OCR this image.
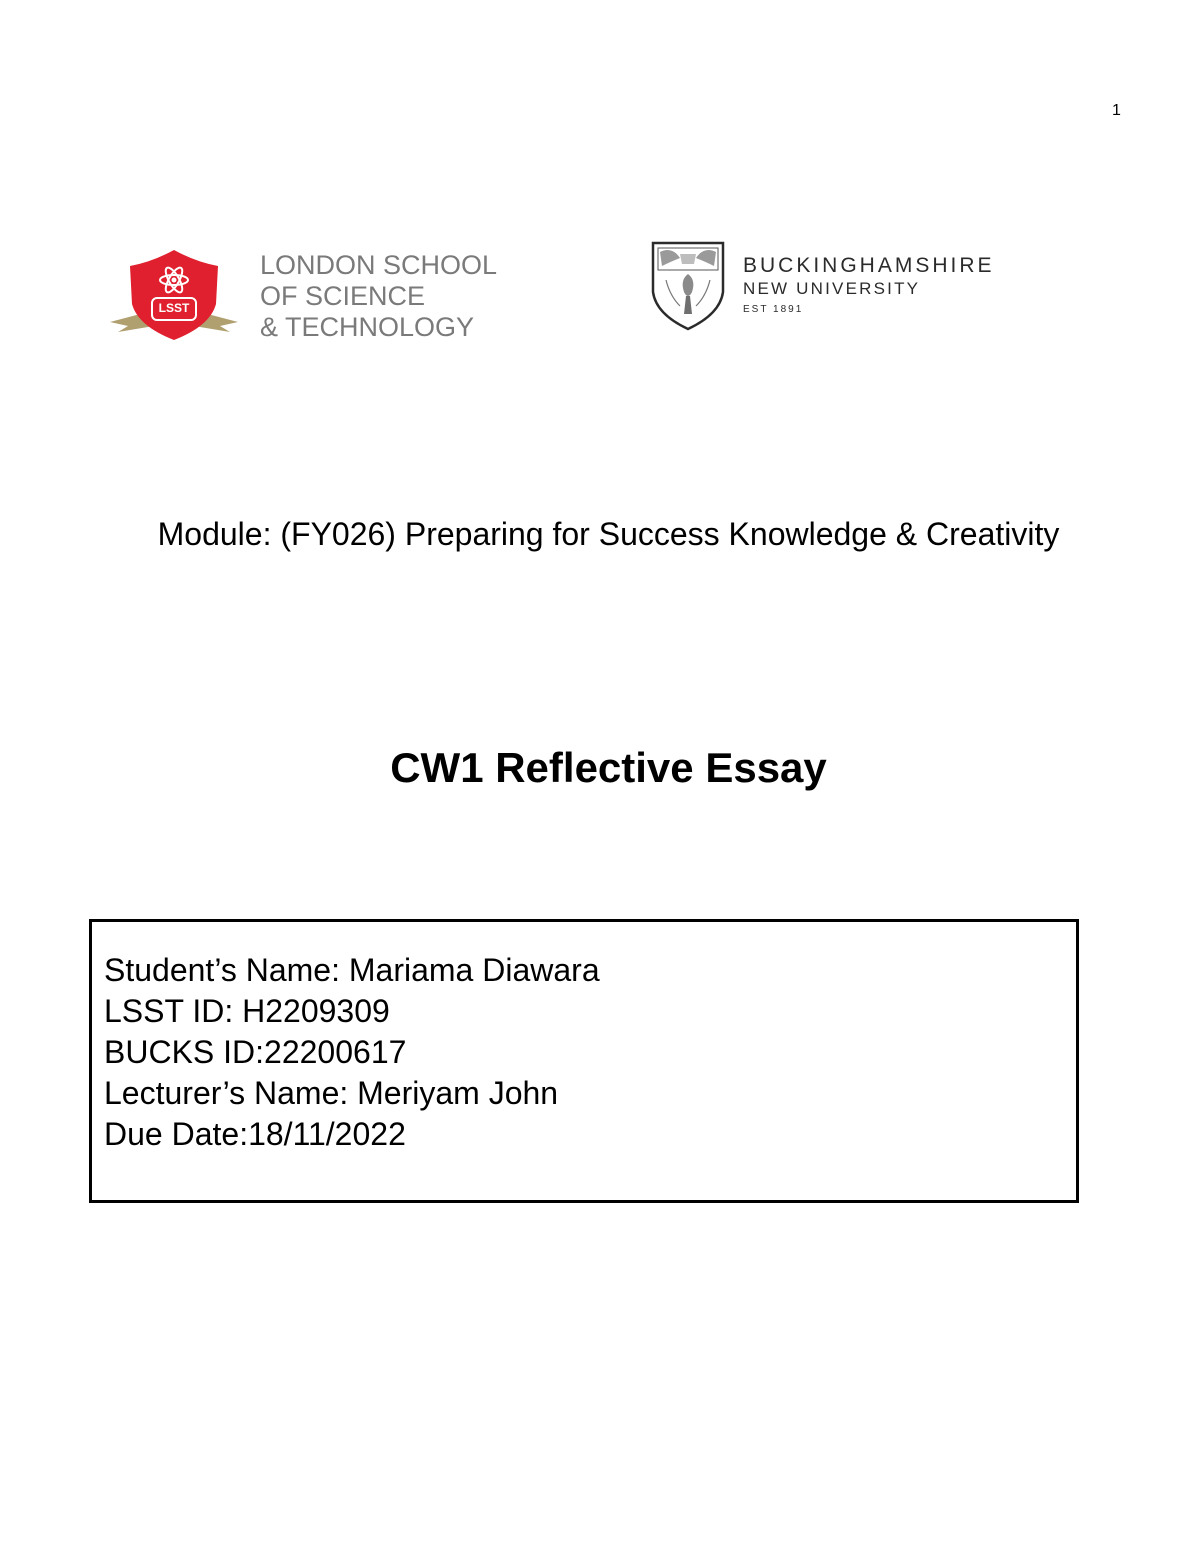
1
LSST
LONDON SCHOOL
OF SCIENCE
& TECHNOLOGY
BUCKINGHAMSHIRE
NEW UNIVERSITY
EST 1891
Module: (FY026) Preparing for Success Knowledge & Creativity
CW1 Reflective Essay
Student’s Name: Mariama Diawara
LSST ID: H2209309
BUCKS ID:22200617
Lecturer’s Name: Meriyam John
Due Date:18/11/2022
